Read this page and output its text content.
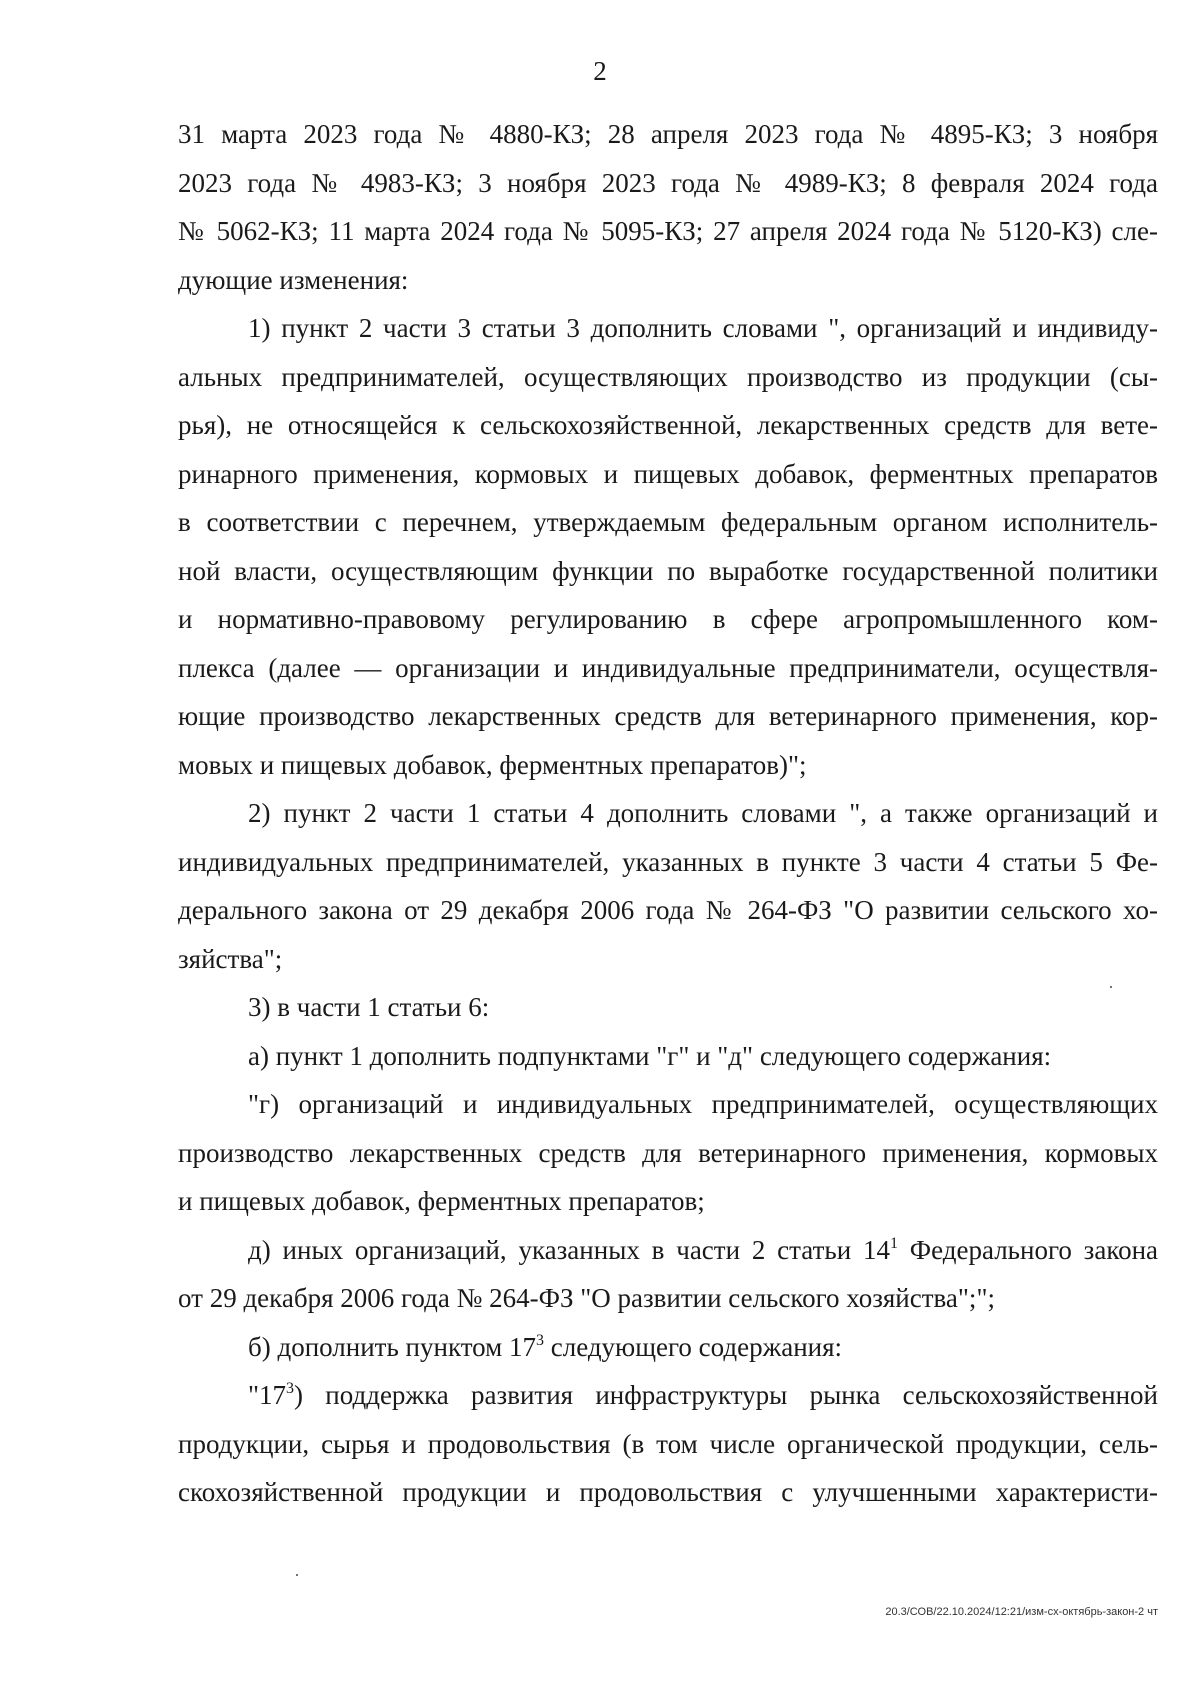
2
31 марта 2023 года № 4880-КЗ; 28 апреля 2023 года № 4895-КЗ; 3 ноября
2023 года № 4983-КЗ; 3 ноября 2023 года № 4989-КЗ; 8 февраля 2024 года
№ 5062-КЗ; 11 марта 2024 года № 5095-КЗ; 27 апреля 2024 года № 5120-КЗ) сле-
дующие изменения:
1) пункт 2 части 3 статьи 3 дополнить словами ", организаций и индивиду-
альных предпринимателей, осуществляющих производство из продукции (сы-
рья), не относящейся к сельскохозяйственной, лекарственных средств для вете-
ринарного применения, кормовых и пищевых добавок, ферментных препаратов
в соответствии с перечнем, утверждаемым федеральным органом исполнитель-
ной власти, осуществляющим функции по выработке государственной политики
и нормативно-правовому регулированию в сфере агропромышленного ком-
плекса (далее — организации и индивидуальные предприниматели, осуществля-
ющие производство лекарственных средств для ветеринарного применения, кор-
мовых и пищевых добавок, ферментных препаратов)";
2) пункт 2 части 1 статьи 4 дополнить словами ", а также организаций и
индивидуальных предпринимателей, указанных в пункте 3 части 4 статьи 5 Фе-
дерального закона от 29 декабря 2006 года № 264-ФЗ "О развитии сельского хо-
зяйства";
3) в части 1 статьи 6:
а) пункт 1 дополнить подпунктами "г" и "д" следующего содержания:
"г) организаций и индивидуальных предпринимателей, осуществляющих
производство лекарственных средств для ветеринарного применения, кормовых
и пищевых добавок, ферментных препаратов;
д) иных организаций, указанных в части 2 статьи $14^1$ Федерального закона
от 29 декабря 2006 года № 264-ФЗ "О развитии сельского хозяйства";";
б) дополнить пунктом $17^3$ следующего содержания:
"$17^3$) поддержка развития инфраструктуры рынка сельскохозяйственной
продукции, сырья и продовольствия (в том числе органической продукции, сель-
скохозяйственной продукции и продовольствия с улучшенными характеристи-
20.3/СОВ/22.10.2024/12:21/изм-сх-октябрь-закон-2 чт
